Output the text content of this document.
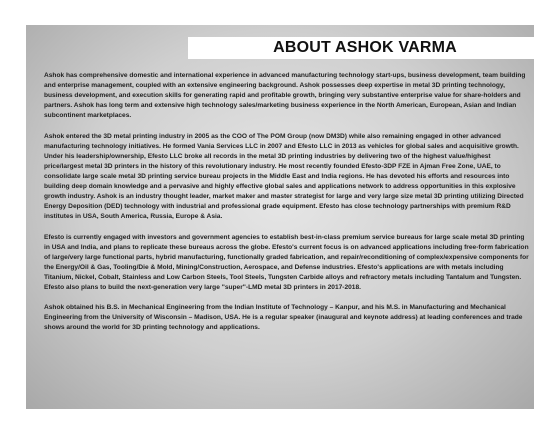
ABOUT ASHOK VARMA

Ashok has comprehensive domestic and international experience in advanced manufacturing technology start-ups, business development, team building and enterprise management, coupled with an extensive engineering background. Ashok possesses deep expertise in metal 3D printing technology, business development, and execution skills for generating rapid and profitable growth, bringing very substantive enterprise value for share-holders and partners. Ashok has long term and extensive high technology sales/marketing business experience in the North American, European, Asian and Indian subcontinent marketplaces.

Ashok entered the 3D metal printing industry in 2005 as the COO of The POM Group (now DM3D) while also remaining engaged in other advanced manufacturing technology initiatives. He formed Vania Services LLC in 2007 and Efesto LLC in 2013 as vehicles for global sales and acquisitive growth. Under his leadership/ownership, Efesto LLC broke all records in the metal 3D printing industries by delivering two of the highest value/highest price/largest metal 3D printers in the history of this revolutionary industry. He most recently founded Efesto-3DP FZE in Ajman Free Zone, UAE, to consolidate large scale metal 3D printing service bureau projects in the Middle East and India regions. He has devoted his efforts and resources into building deep domain knowledge and a pervasive and highly effective global sales and applications network to address opportunities in this explosive growth industry. Ashok is an industry thought leader, market maker and master strategist for large and very large size metal 3D printing utilizing Directed Energy Deposition (DED) technology with industrial and professional grade equipment. Efesto has close technology partnerships with premium R&D institutes in USA, South America, Russia, Europe & Asia.

Efesto is currently engaged with investors and government agencies to establish best-in-class premium service bureaus for large scale metal 3D printing in USA and India, and plans to replicate these bureaus across the globe. Efesto's current focus is on advanced applications including free-form fabrication of large/very large functional parts, hybrid manufacturing, functionally graded fabrication, and repair/reconditioning of complex/expensive components for the Energy/Oil & Gas, Tooling/Die & Mold, Mining/Construction, Aerospace, and Defense industries. Efesto's applications are with metals including Titanium, Nickel, Cobalt, Stainless and Low Carbon Steels, Tool Steels, Tungsten Carbide alloys and refractory metals including Tantalum and Tungsten. Efesto also plans to build the next-generation very large "super"-LMD metal 3D printers in 2017-2018.

Ashok obtained his B.S. in Mechanical Engineering from the Indian Institute of Technology – Kanpur, and his M.S. in Manufacturing and Mechanical Engineering from the University of Wisconsin – Madison, USA. He is a regular speaker (inaugural and keynote address) at leading conferences and trade shows around the world for 3D printing technology and applications.
